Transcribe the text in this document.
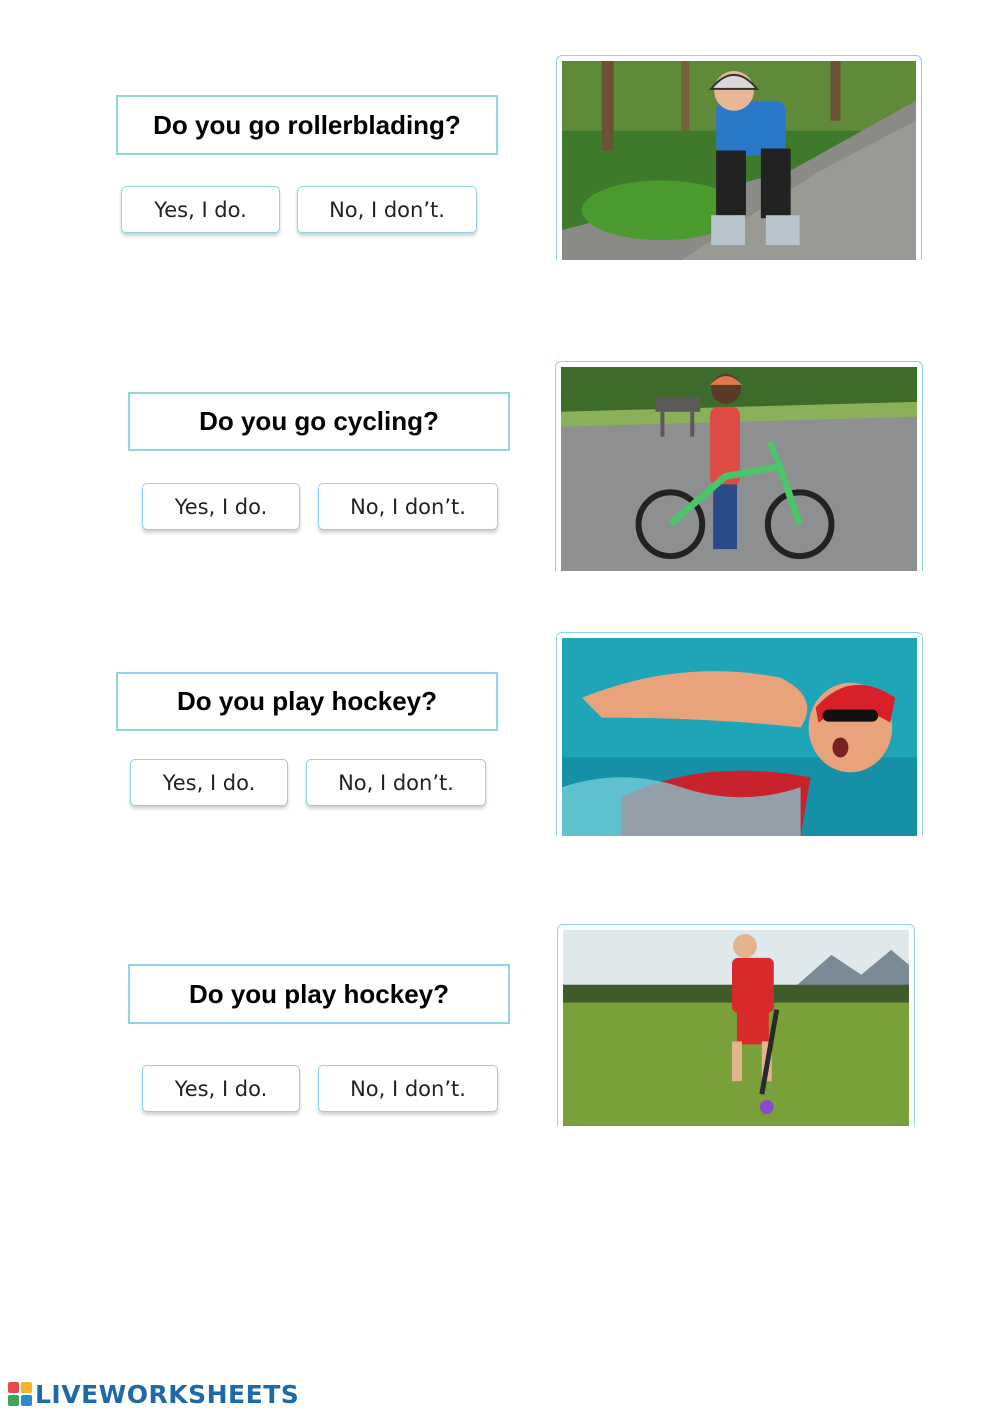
Do you go rollerblading?
Yes, I do.	No, I don’t.
Do you go cycling?
Yes, I do.	No, I don’t.
Do you play hockey?
Yes, I do.	No, I don’t.
Do you play hockey?
Yes, I do.	No, I don’t.
LIVEWORKSHEETS
